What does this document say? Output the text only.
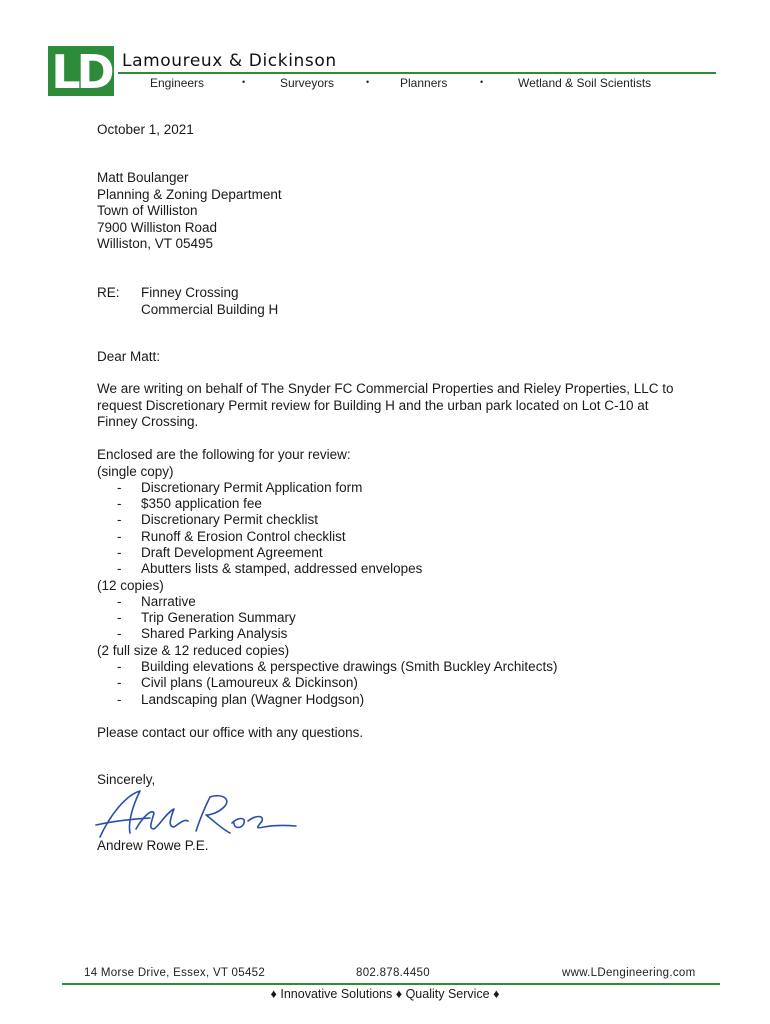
LD Lamoureux & Dickinson
Engineers	•	Surveyors	•	Planners	•	Wetland & Soil Scientists
October 1, 2021
Matt Boulanger
Planning & Zoning Department
Town of Williston
7900 Williston Road
Williston, VT 05495
RE: Finney Crossing
Commercial Building H
Dear Matt:
We are writing on behalf of The Snyder FC Commercial Properties and Rieley Properties, LLC to request Discretionary Permit review for Building H and the urban park located on Lot C-10 at Finney Crossing.
Enclosed are the following for your review:
(single copy)
- Discretionary Permit Application form
- $350 application fee
- Discretionary Permit checklist
- Runoff & Erosion Control checklist
- Draft Development Agreement
- Abutters lists & stamped, addressed envelopes
(12 copies)
- Narrative
- Trip Generation Summary
- Shared Parking Analysis
(2 full size & 12 reduced copies)
- Building elevations & perspective drawings (Smith Buckley Architects)
- Civil plans (Lamoureux & Dickinson)
- Landscaping plan (Wagner Hodgson)
Please contact our office with any questions.
Sincerely,
Andrew Rowe P.E.
14 Morse Drive, Essex, VT 05452	802.878.4450	www.LDengineering.com
♦ Innovative Solutions ♦ Quality Service ♦
